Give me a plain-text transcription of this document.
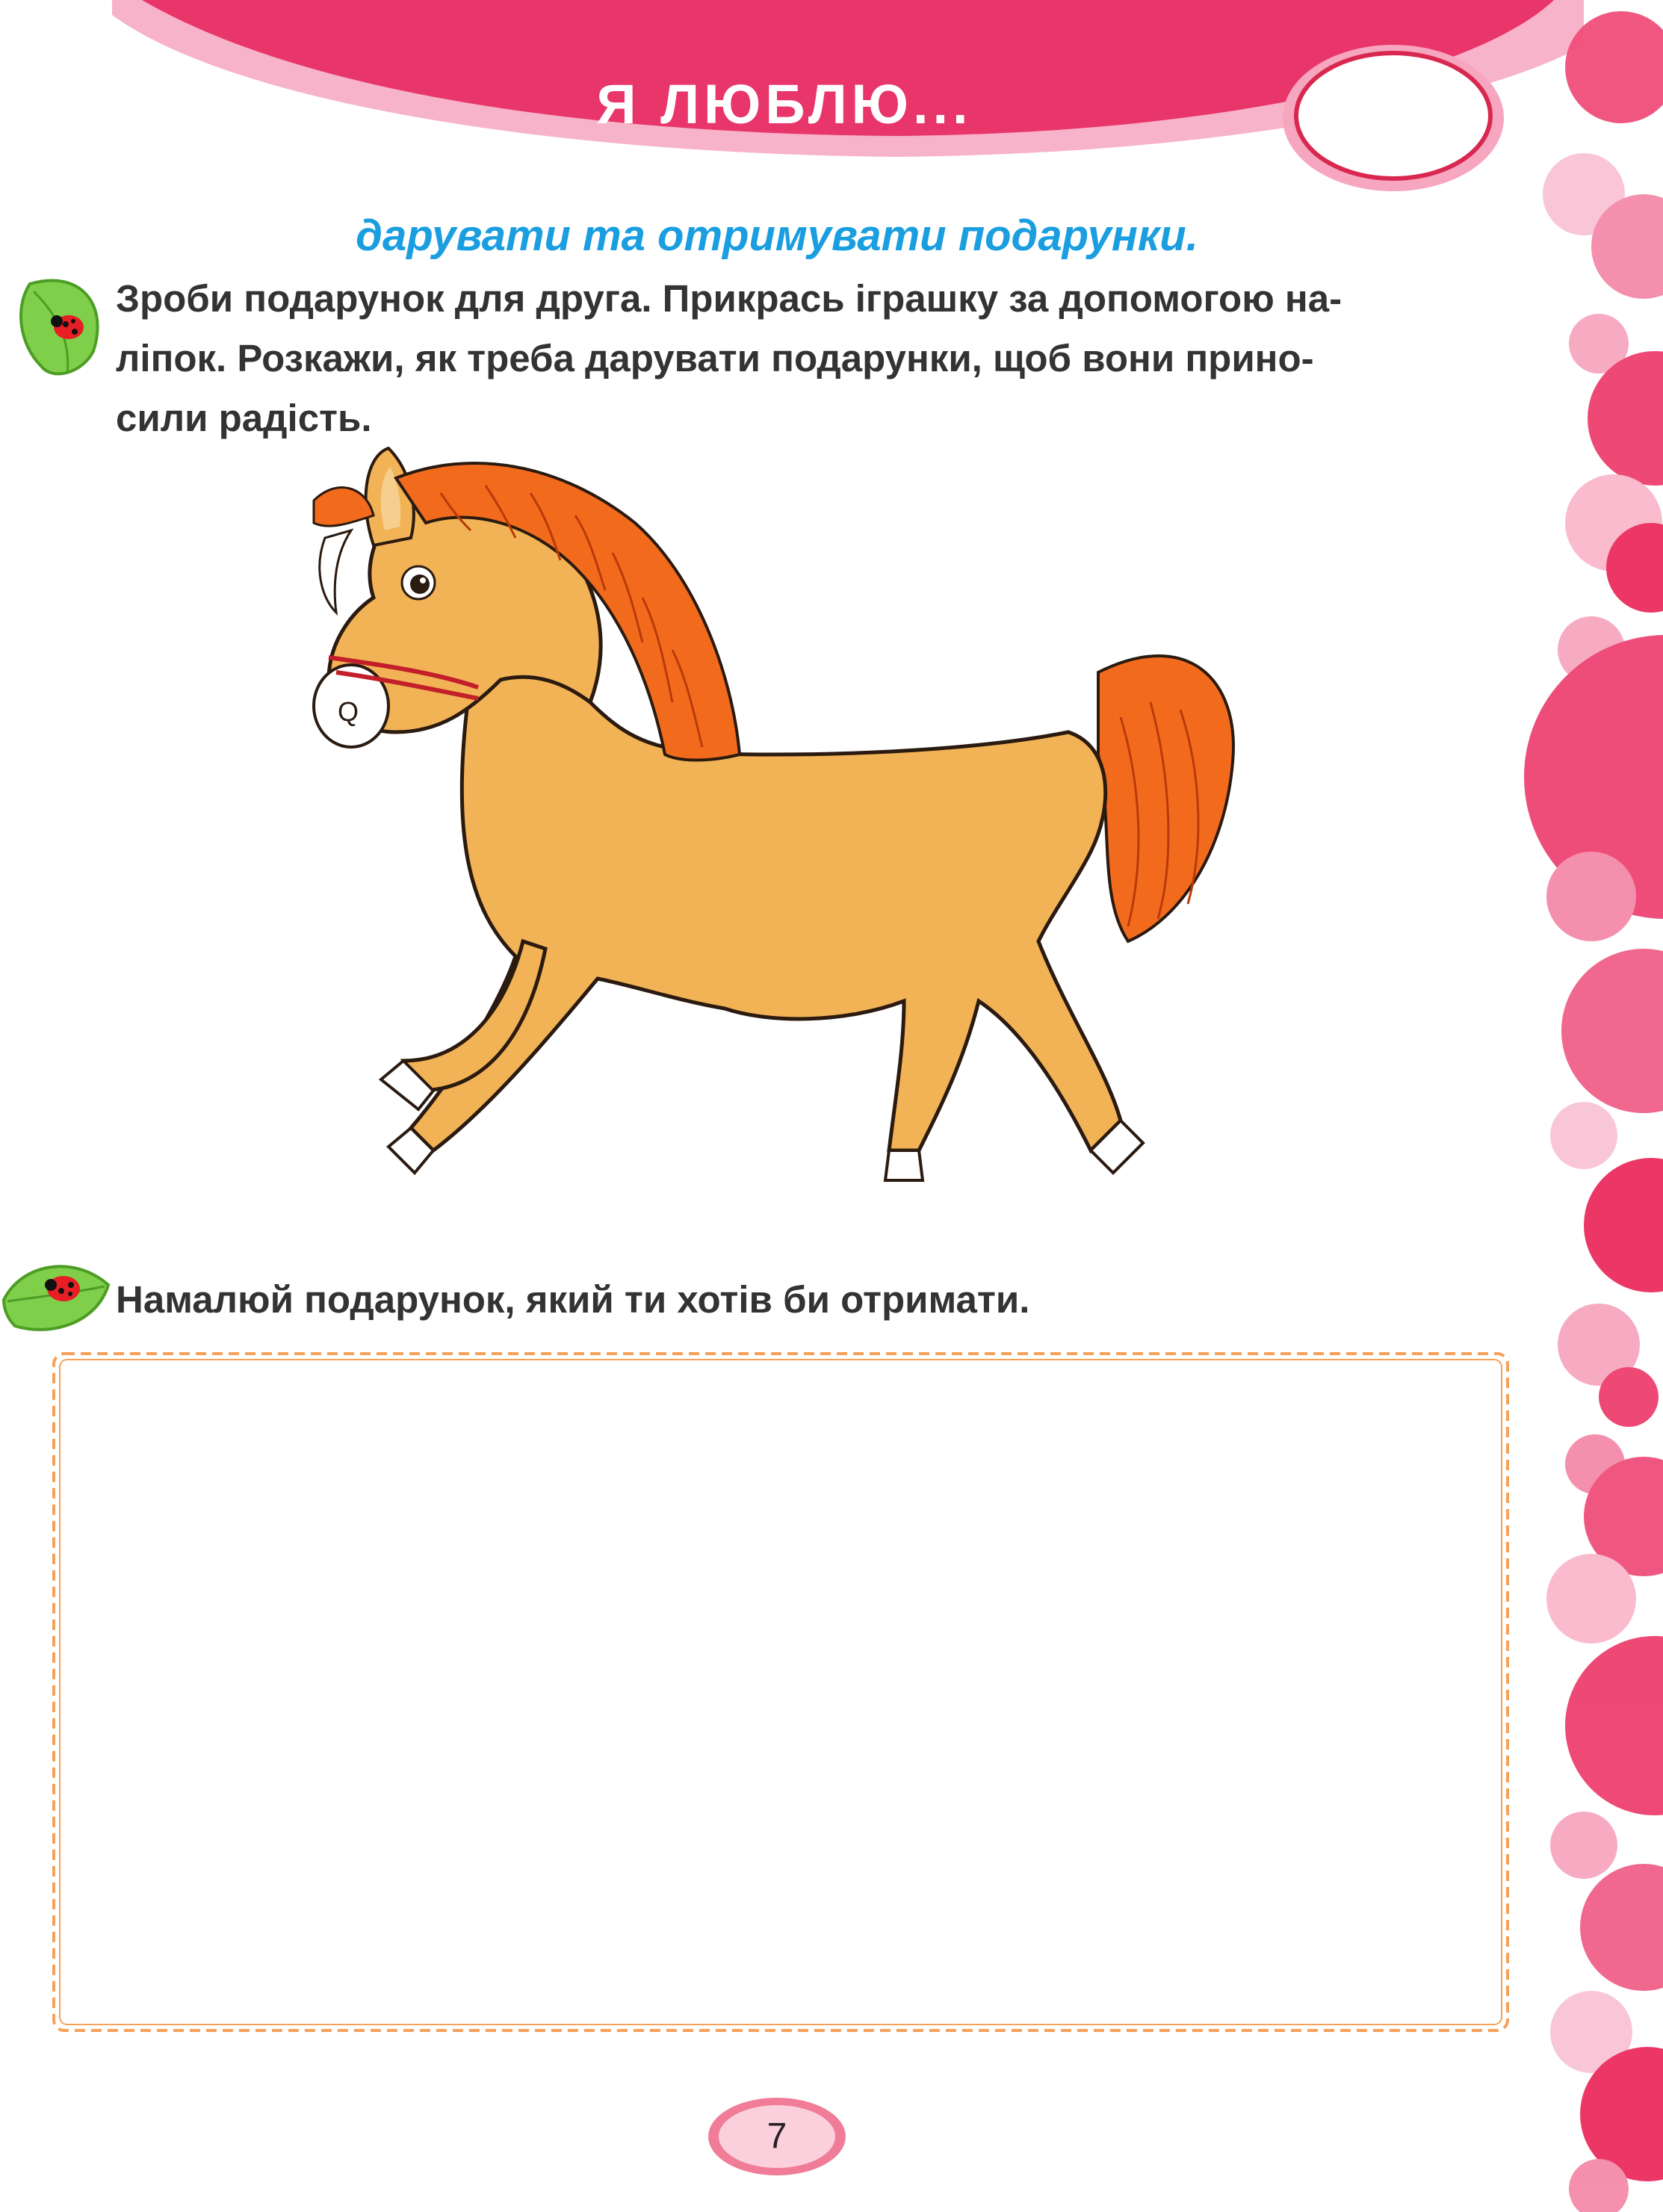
Я ЛЮБЛЮ...
дарувати та отримувати подарунки.
Зроби подарунок для друга. Прикрась іграшку за допомогою на-
ліпок. Розкажи, як треба дарувати подарунки, щоб вони прино-
сили радість.
Q
Намалюй подарунок, який ти хотів би отримати.
7
